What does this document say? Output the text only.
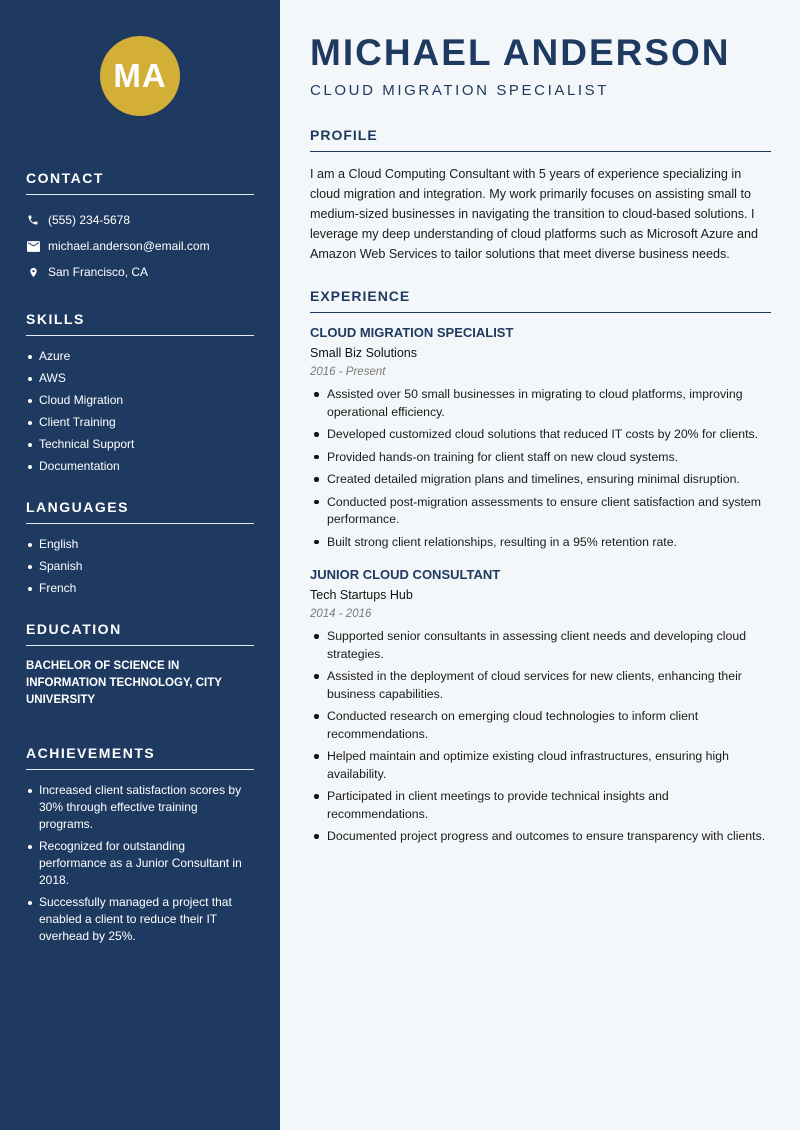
MA
CONTACT
(555) 234-5678
michael.anderson@email.com
San Francisco, CA
SKILLS
Azure
AWS
Cloud Migration
Client Training
Technical Support
Documentation
LANGUAGES
English
Spanish
French
EDUCATION

BACHELOR OF SCIENCE IN INFORMATION TECHNOLOGY, CITY UNIVERSITY

ACHIEVEMENTS
Increased client satisfaction scores by 30% through effective training programs.
Recognized for outstanding performance as a Junior Consultant in 2018.
Successfully managed a project that enabled a client to reduce their IT overhead by 25%.
MICHAEL ANDERSON
CLOUD MIGRATION SPECIALIST
PROFILE

I am a Cloud Computing Consultant with 5 years of experience specializing in cloud migration and integration. My work primarily focuses on assisting small to medium-sized businesses in navigating the transition to cloud-based solutions. I leverage my deep understanding of cloud platforms such as Microsoft Azure and Amazon Web Services to tailor solutions that meet diverse business needs.

EXPERIENCE
CLOUD MIGRATION SPECIALIST
Small Biz Solutions
2016 - Present
Assisted over 50 small businesses in migrating to cloud platforms, improving operational efficiency.
Developed customized cloud solutions that reduced IT costs by 20% for clients.
Provided hands-on training for client staff on new cloud systems.
Created detailed migration plans and timelines, ensuring minimal disruption.
Conducted post-migration assessments to ensure client satisfaction and system performance.
Built strong client relationships, resulting in a 95% retention rate.
JUNIOR CLOUD CONSULTANT
Tech Startups Hub
2014 - 2016
Supported senior consultants in assessing client needs and developing cloud strategies.
Assisted in the deployment of cloud services for new clients, enhancing their business capabilities.
Conducted research on emerging cloud technologies to inform client recommendations.
Helped maintain and optimize existing cloud infrastructures, ensuring high availability.
Participated in client meetings to provide technical insights and recommendations.
Documented project progress and outcomes to ensure transparency with clients.
